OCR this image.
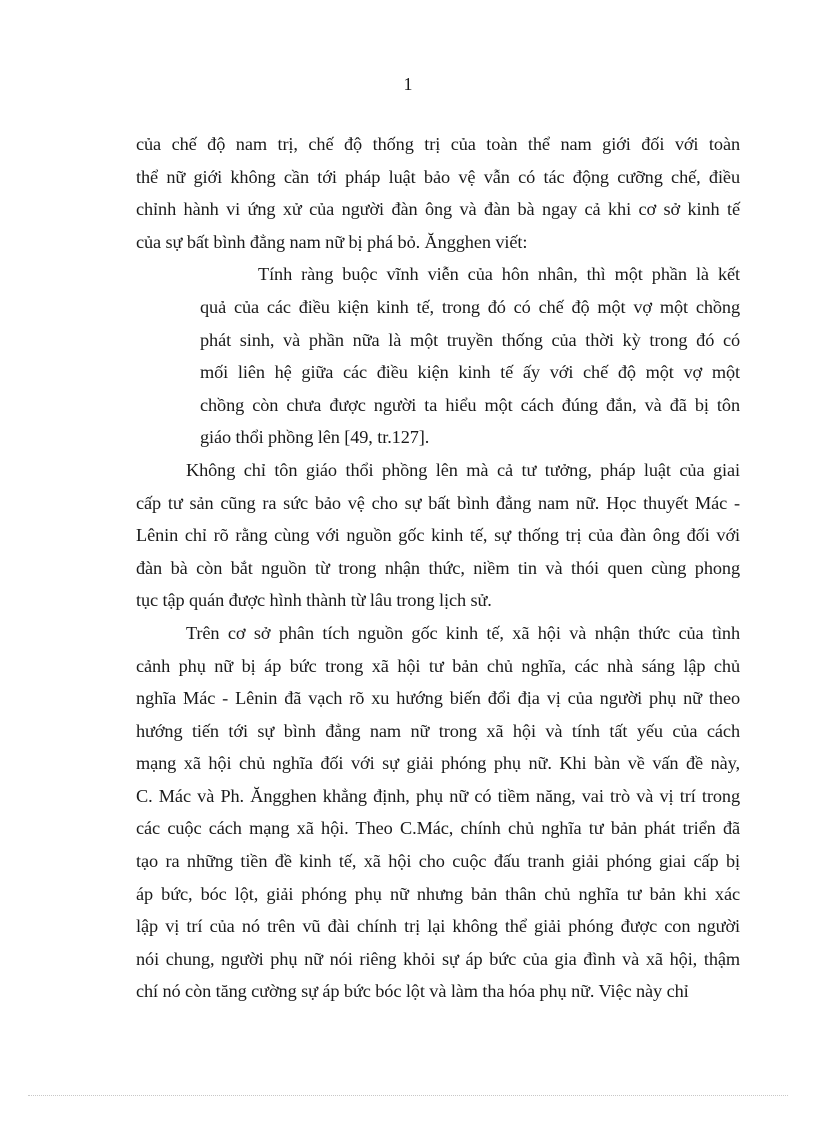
1
của chế độ nam trị, chế độ thống trị của toàn thể nam giới đối với toàn
thể nữ giới không cần tới pháp luật bảo vệ vẫn có tác động cưỡng chế, điều
chỉnh hành vi ứng xử của người đàn ông và đàn bà ngay cả khi cơ sở kinh tế
của sự bất bình đẳng nam nữ bị phá bỏ. Ăngghen viết:
Tính ràng buộc vĩnh viễn của hôn nhân, thì một phần là kết
quả của các điều kiện kinh tế, trong đó có chế độ một vợ một chồng
phát sinh, và phần nữa là một truyền thống của thời kỳ trong đó có
mối liên hệ giữa các điều kiện kinh tế ấy với chế độ một vợ một
chồng còn chưa được người ta hiểu một cách đúng đắn, và đã bị tôn
giáo thổi phồng lên [49, tr.127].
Không chỉ tôn giáo thổi phồng lên mà cả tư tưởng, pháp luật của giai
cấp tư sản cũng ra sức bảo vệ cho sự bất bình đẳng nam nữ. Học thuyết Mác -
Lênin chỉ rõ rằng cùng với nguồn gốc kinh tế, sự thống trị của đàn ông đối với
đàn bà còn bắt nguồn từ trong nhận thức, niềm tin và thói quen cùng phong
tục tập quán được hình thành từ lâu trong lịch sử.
Trên cơ sở phân tích nguồn gốc kinh tế, xã hội và nhận thức của tình
cảnh phụ nữ bị áp bức trong xã hội tư bản chủ nghĩa, các nhà sáng lập chủ
nghĩa Mác - Lênin đã vạch rõ xu hướng biến đổi địa vị của người phụ nữ theo
hướng tiến tới sự bình đẳng nam nữ trong xã hội và tính tất yếu của cách
mạng xã hội chủ nghĩa đối với sự giải phóng phụ nữ. Khi bàn về vấn đề này,
C. Mác và Ph. Ăngghen khẳng định, phụ nữ có tiềm năng, vai trò và vị trí trong
các cuộc cách mạng xã hội. Theo C.Mác, chính chủ nghĩa tư bản phát triển đã
tạo ra những tiền đề kinh tế, xã hội cho cuộc đấu tranh giải phóng giai cấp bị
áp bức, bóc lột, giải phóng phụ nữ nhưng bản thân chủ nghĩa tư bản khi xác
lập vị trí của nó trên vũ đài chính trị lại không thể giải phóng được con người
nói chung, người phụ nữ nói riêng khỏi sự áp bức của gia đình và xã hội, thậm
chí nó còn tăng cường sự áp bức bóc lột và làm tha hóa phụ nữ. Việc này chỉ
